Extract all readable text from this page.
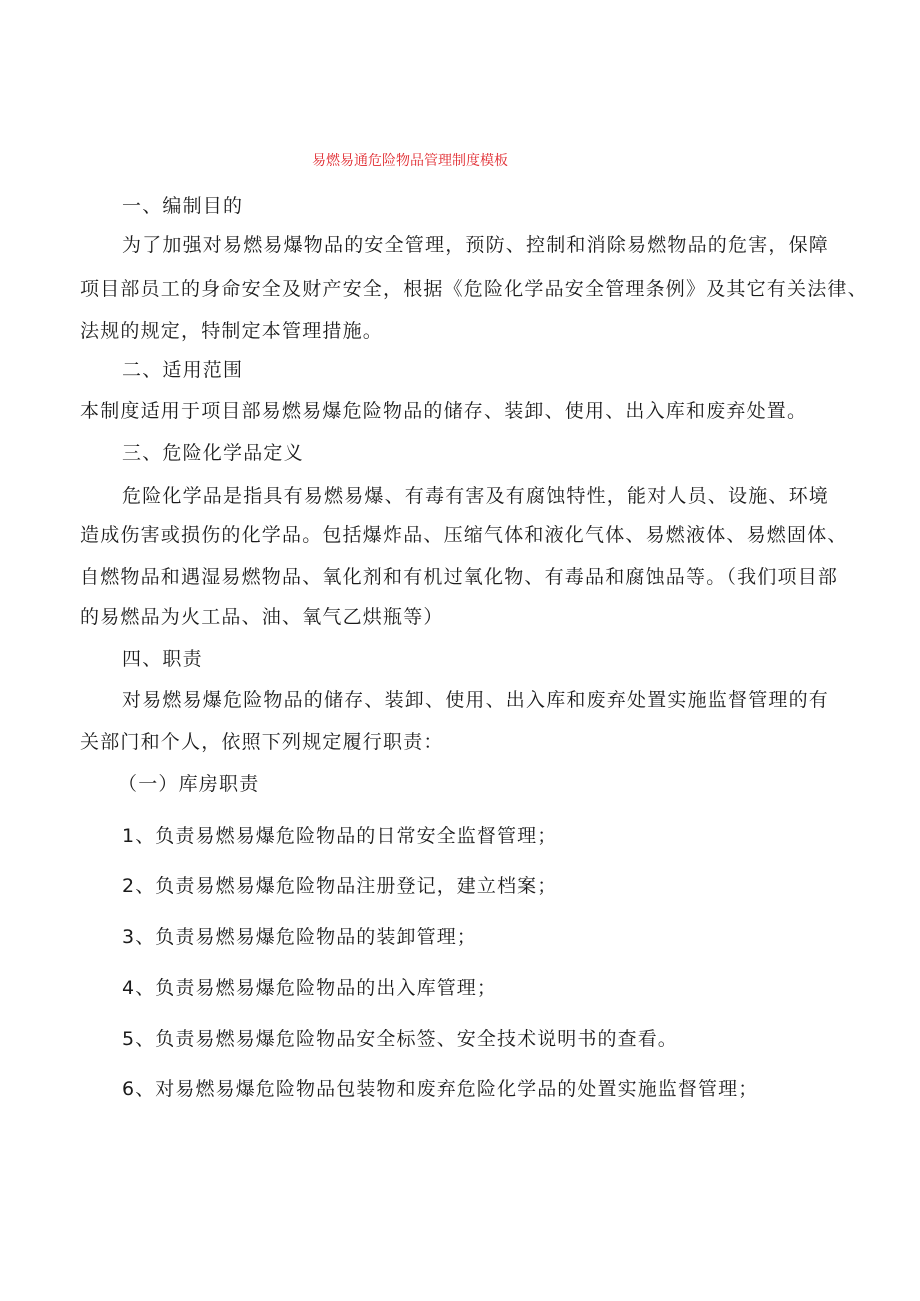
易燃易通危险物品管理制度模板
一、编制目的
为了加强对易燃易爆物品的安全管理，预防、控制和消除易燃物品的危害，保障
项目部员工的身命安全及财产安全，根据《危险化学品安全管理条例》及其它有关法律、
法规的规定，特制定本管理措施。
二、适用范围
本制度适用于项目部易燃易爆危险物品的储存、装卸、使用、出入库和废弃处置。
三、危险化学品定义
危险化学品是指具有易燃易爆、有毒有害及有腐蚀特性，能对人员、设施、环境
造成伤害或损伤的化学品。包括爆炸品、压缩气体和液化气体、易燃液体、易燃固体、
自燃物品和遇湿易燃物品、氧化剂和有机过氧化物、有毒品和腐蚀品等。（我们项目部
的易燃品为火工品、油、氧气乙烘瓶等）
四、职责
对易燃易爆危险物品的储存、装卸、使用、出入库和废弃处置实施监督管理的有
关部门和个人，依照下列规定履行职责：
（一）库房职责
1、负责易燃易爆危险物品的日常安全监督管理；
2、负责易燃易爆危险物品注册登记，建立档案；
3、负责易燃易爆危险物品的装卸管理；
4、负责易燃易爆危险物品的出入库管理；
5、负责易燃易爆危险物品安全标签、安全技术说明书的查看。
6、对易燃易爆危险物品包装物和废弃危险化学品的处置实施监督管理；
